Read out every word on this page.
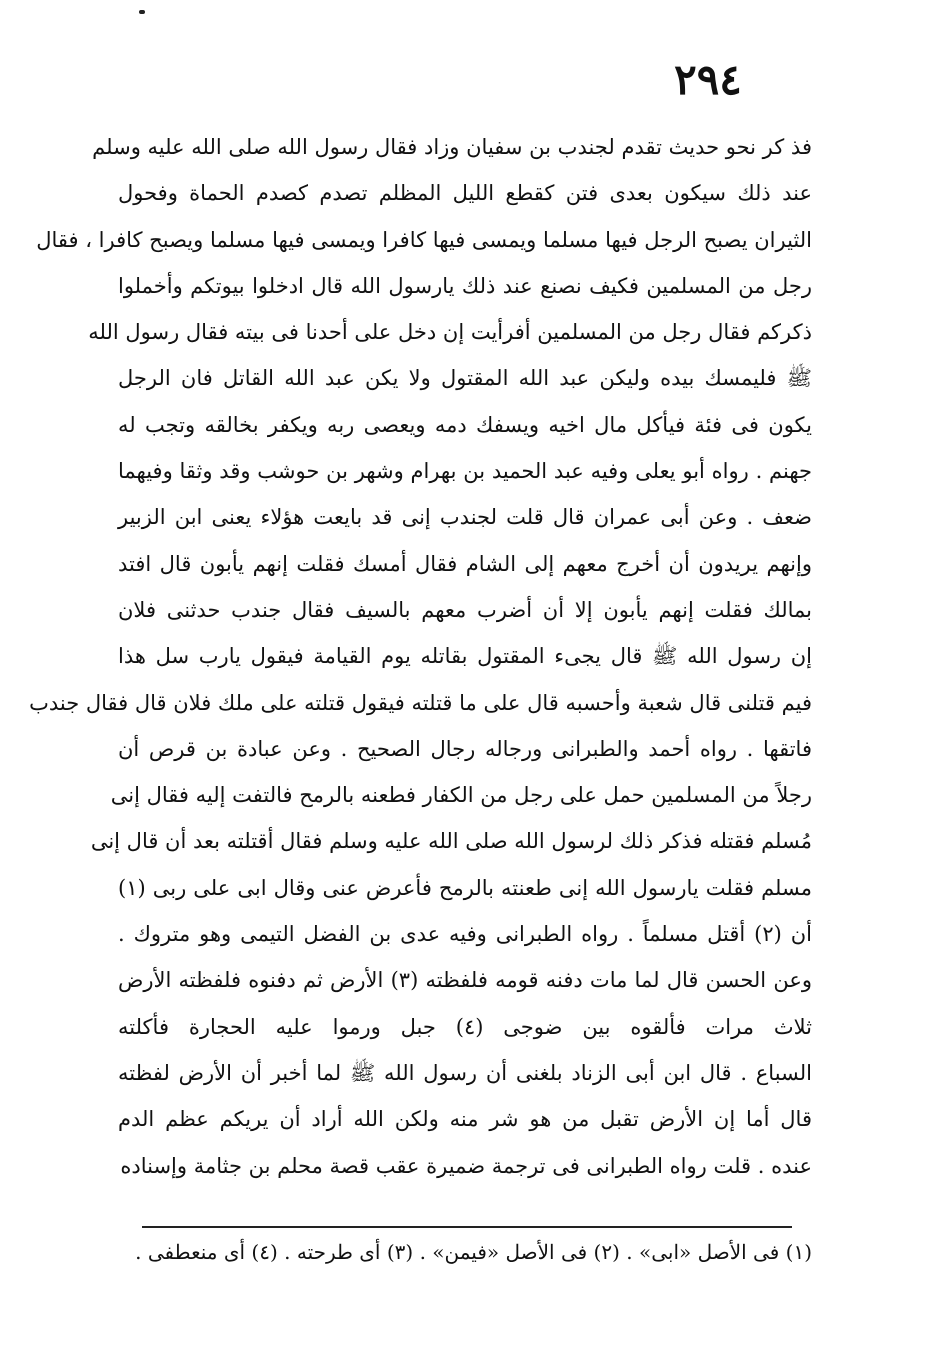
٢٩٤
فذ كر نحو حديث تقدم لجندب بن سفيان وزاد فقال رسول الله صلى الله عليه وسلم
عند ذلك سيكون بعدى فتن كقطع الليل المظلم تصدم كصدم الحماة وفحول
الثيران يصبح الرجل فيها مسلما ويمسى فيها كافرا ويمسى فيها مسلما ويصبح كافرا ، فقال
رجل من المسلمين فكيف نصنع عند ذلك يارسول الله قال ادخلوا بيوتكم وأخملوا
ذكركم فقال رجل من المسلمين أفرأيت إن دخل على أحدنا فى بيته فقال رسول الله
ﷺ فليمسك بيده وليكن عبد الله المقتول ولا يكن عبد الله القاتل فان الرجل
يكون فى فئة فيأكل مال اخيه ويسفك دمه ويعصى ربه ويكفر بخالقه وتجب له
جهنم . رواه أبو يعلى وفيه عبد الحميد بن بهرام وشهر بن حوشب وقد وثقا وفيهما
ضعف . وعن أبى عمران قال قلت لجندب إنى قد بايعت هؤلاء يعنى ابن الزبير
وإنهم يريدون أن أخرج معهم إلى الشام فقال أمسك فقلت إنهم يأبون قال افتد
بمالك فقلت إنهم يأبون إلا أن أضرب معهم بالسيف فقال جندب حدثنى فلان
إن رسول الله ﷺ قال يجىء المقتول بقاتله يوم القيامة فيقول يارب سل هذا
فيم قتلنى قال شعبة وأحسبه قال على ما قتلته فيقول قتلته على ملك فلان قال فقال جندب
فاتقها . رواه أحمد والطبرانى ورجاله رجال الصحيح . وعن عبادة بن قرص أن
رجلاً من المسلمين حمل على رجل من الكفار فطعنه بالرمح فالتفت إليه فقال إنى
مُسلم فقتله فذكر ذلك لرسول الله صلى الله عليه وسلم فقال أقتلته بعد أن قال إنى
مسلم فقلت يارسول الله إنى طعنته بالرمح فأعرض عنى وقال ابى على ربى (١)
أن (٢) أقتل مسلماً . رواه الطبرانى وفيه عدى بن الفضل التيمى وهو متروك .
وعن الحسن قال لما مات دفنه قومه فلفظته (٣) الأرض ثم دفنوه فلفظته الأرض
ثلاث مرات فألقوه بين ضوجى (٤) جبل ورموا عليه الحجارة فأكلته
السباع . قال ابن أبى الزناد بلغنى أن رسول الله ﷺ لما أخبر أن الأرض لفظته
قال أما إن الأرض تقبل من هو شر منه ولكن الله أراد أن يريكم عظم الدم
عنده . قلت رواه الطبرانى فى ترجمة ضميرة عقب قصة محلم بن جثامة وإسناده
(١) فى الأصل «ابى» . (٢) فى الأصل «فيمن» . (٣) أى طرحته . (٤) أى منعطفى .
